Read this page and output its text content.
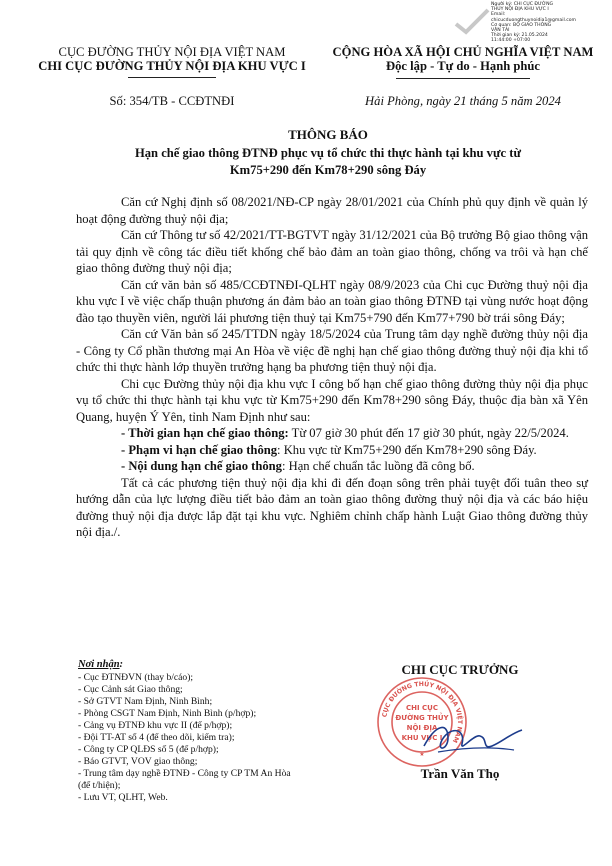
Người ký: CHI CỤC ĐƯỜNG
THỦY NỘI ĐỊA KHU VỰC I
Email:
chicucduongthuynoidia1@gmail.com
Cơ quan: BỘ GIAO THÔNG
VẬN TẢI
Thời gian ký: 21.05.2024
11:44:00 +07:00
CỤC ĐƯỜNG THỦY NỘI ĐỊA VIỆT NAM
CHI CỤC ĐƯỜNG THỦY NỘI ĐỊA KHU VỰC I
Số: 354/TB - CCĐTNĐI
CỘNG HÒA XÃ HỘI CHỦ NGHĨA VIỆT NAM
Độc lập - Tự do - Hạnh phúc
Hải Phòng, ngày 21 tháng 5 năm 2024
THÔNG BÁO
Hạn chế giao thông ĐTNĐ phục vụ tổ chức thi thực hành tại khu vực từ
Km75+290 đến Km78+290 sông Đáy

Căn cứ Nghị định số 08/2021/NĐ-CP ngày 28/01/2021 của Chính phủ quy định về quản lý hoạt động đường thuỷ nội địa;

Căn cứ Thông tư số 42/2021/TT-BGTVT ngày 31/12/2021 của Bộ trưởng Bộ giao thông vận tải quy định về công tác điều tiết khống chế bảo đảm an toàn giao thông, chống va trôi và hạn chế giao thông đường thuỷ nội địa;

Căn cứ văn bản số 485/CCĐTNĐI-QLHT ngày 08/9/2023 của Chi cục Đường thuỷ nội địa khu vực I về việc chấp thuận phương án đảm bảo an toàn giao thông ĐTNĐ tại vùng nước hoạt động đào tạo thuyền viên, người lái phương tiện thuỷ tại Km75+790 đến Km77+790 bờ trái sông Đáy;

Căn cứ Văn bản số 245/TTDN ngày 18/5/2024 của Trung tâm dạy nghề đường thủy nội địa - Công ty Cổ phần thương mại An Hòa về việc đề nghị hạn chế giao thông đường thuỷ nội địa khi tổ chức thi thực hành lớp thuyền trưởng hạng ba phương tiện thuỷ nội địa.

Chi cục Đường thủy nội địa khu vực I công bố hạn chế giao thông đường thủy nội địa phục vụ tổ chức thi thực hành tại khu vực từ Km75+290 đến Km78+290 sông Đáy, thuộc địa bàn xã Yên Quang, huyện Ý Yên, tỉnh Nam Định như sau:

- Thời gian hạn chế giao thông: Từ 07 giờ 30 phút đến 17 giờ 30 phút, ngày 22/5/2024.

- Phạm vi hạn chế giao thông: Khu vực từ Km75+290 đến Km78+290 sông Đáy.

- Nội dung hạn chế giao thông: Hạn chế chuẩn tắc luồng đã công bố.

Tất cả các phương tiện thuỷ nội địa khi đi đến đoạn sông trên phải tuyệt đối tuân theo sự hướng dẫn của lực lượng điều tiết bảo đảm an toàn giao thông đường thuỷ nội địa và các báo hiệu đường thuỷ nội địa được lắp đặt tại khu vực. Nghiêm chỉnh chấp hành Luật Giao thông đường thủy nội địa./.

Nơi nhận:
- Cục ĐTNĐVN (thay b/cáo);
- Cục Cảnh sát Giao thông;
- Sở GTVT Nam Định, Ninh Bình;
- Phòng CSGT Nam Định, Ninh Bình (p/hợp);
- Cảng vụ ĐTNĐ khu vực II (để p/hợp);
- Đội TT-AT số 4 (để theo dõi, kiểm tra);
- Công ty CP QLĐS số 5 (để p/hợp);
- Báo GTVT, VOV giao thông;
- Trung tâm dạy nghề ĐTNĐ - Công ty CP TM An Hòa
(để t/hiện);
- Lưu VT, QLHT, Web.
CHI CỤC TRƯỞNG
CỤC ĐƯỜNG THỦY NỘI ĐỊA VIỆT NAM
CHI CỤC
ĐƯỜNG THỦY
NỘI ĐỊA
KHU VỰC I
★
Trần Văn Thọ
